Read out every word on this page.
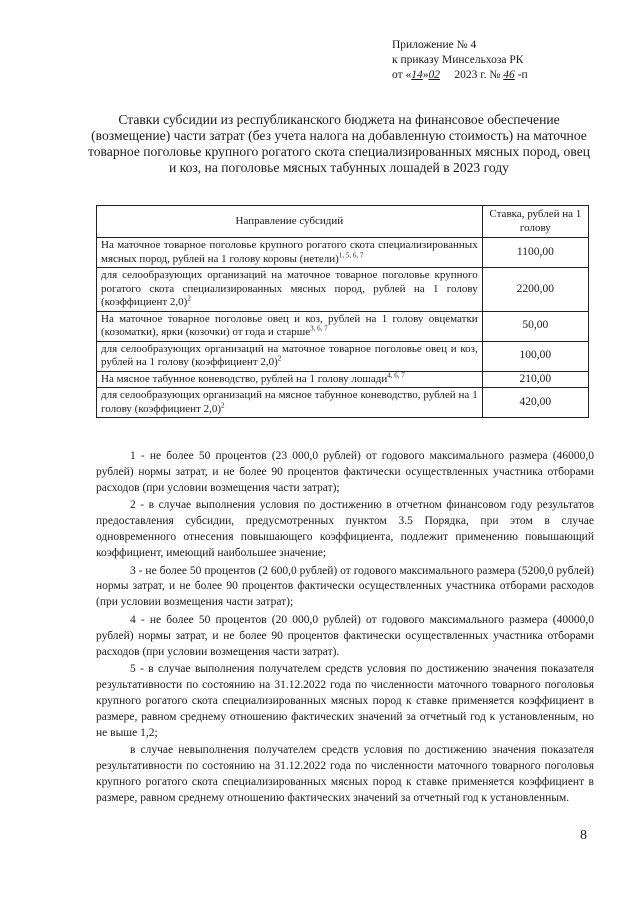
Приложение № 4
к приказу Минсельхоза РК
от «14»02 2023 г. № 46 -п
Ставки субсидии из республиканского бюджета на финансовое обеспечение (возмещение) части затрат (без учета налога на добавленную стоимость) на маточное товарное поголовье крупного рогатого скота специализированных мясных пород, овец и коз, на поголовье мясных табунных лошадей в 2023 году
Направление субсидий	Ставка, рублей на 1 голову
На маточное товарное поголовье крупного рогатого скота специализированных мясных пород, рублей на 1 голову коровы (нетели)$^{1, 5, 6, 7}$	1100,00
для селообразующих организаций на маточное товарное поголовье крупного рогатого скота специализированных мясных пород, рублей на 1 голову (коэффициент 2,0)$^2$	2200,00
На маточное товарное поголовье овец и коз, рублей на 1 голову овцематки (козоматки), ярки (козочки) от года и старше$^{3, 6, 7}$	50,00
для селообразующих организаций на маточное товарное поголовье овец и коз, рублей на 1 голову (коэффициент 2,0)$^2$	100,00
На мясное табунное коневодство, рублей на 1 голову лошади$^{4, 6, 7}$	210,00
для селообразующих организаций на мясное табунное коневодство, рублей на 1 голову (коэффициент 2,0)$^2$	420,00

1 - не более 50 процентов (23 000,0 рублей) от годового максимального размера (46000,0 рублей) нормы затрат, и не более 90 процентов фактически осуществленных участника отборами расходов (при условии возмещения части затрат);

2 - в случае выполнения условия по достижению в отчетном финансовом году результатов предоставления субсидии, предусмотренных пунктом 3.5 Порядка, при этом в случае одновременного отнесения повышающего коэффициента, подлежит применению повышающий коэффициент, имеющий наибольшее значение;

3 - не более 50 процентов (2 600,0 рублей) от годового максимального размера (5200,0 рублей) нормы затрат, и не более 90 процентов фактически осуществленных участника отборами расходов (при условии возмещения части затрат);

4 - не более 50 процентов (20 000,0 рублей) от годового максимального размера (40000,0 рублей) нормы затрат, и не более 90 процентов фактически осуществленных участника отборами расходов (при условии возмещения части затрат).

5 - в случае выполнения получателем средств условия по достижению значения показателя результативности по состоянию на 31.12.2022 года по численности маточного товарного поголовья крупного рогатого скота специализированных мясных пород к ставке применяется коэффициент в размере, равном среднему отношению фактических значений за отчетный год к установленным, но не выше 1,2;

в случае невыполнения получателем средств условия по достижению значения показателя результативности по состоянию на 31.12.2022 года по численности маточного товарного поголовья крупного рогатого скота специализированных мясных пород к ставке применяется коэффициент в размере, равном среднему отношению фактических значений за отчетный год к установленным.

8
